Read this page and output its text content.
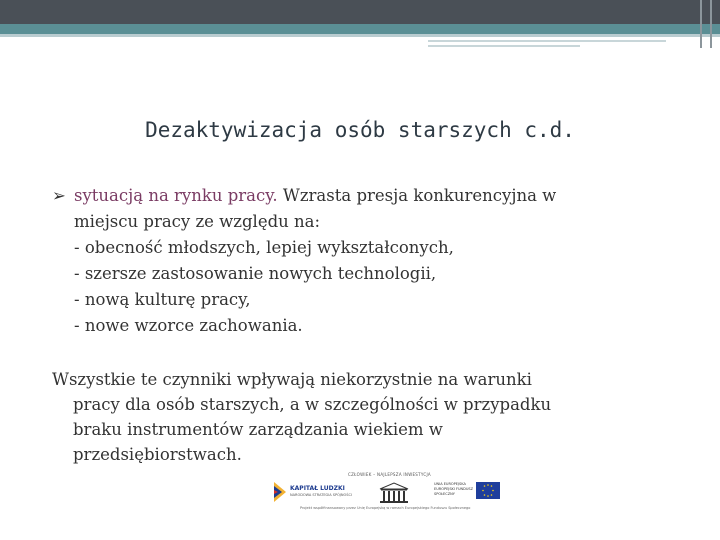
Dezaktywizacja osób starszych c.d.
➢ sytuacją na rynku pracy. Wzrasta presja konkurencyjna w
miejscu pracy ze względu na:
- obecność młodszych, lepiej wykształconych,
- szersze zastosowanie nowych technologii,
- nową kulturę pracy,
- nowe wzorce zachowania.
Wszystkie te czynniki wpływają niekorzystnie na warunki
pracy dla osób starszych, a w szczególności w przypadku
braku instrumentów zarządzania wiekiem w
przedsiębiorstwach.
CZŁOWIEK – NAJLEPSZA INWESTYCJA
KAPITAŁ LUDZKI
NARODOWA STRATEGIA SPÓJNOŚCI
UNIA EUROPEJSKA EUROPEJSKI FUNDUSZ SPOŁECZNY
Projekt współfinansowany przez Unię Europejską w ramach Europejskiego Funduszu Społecznego
